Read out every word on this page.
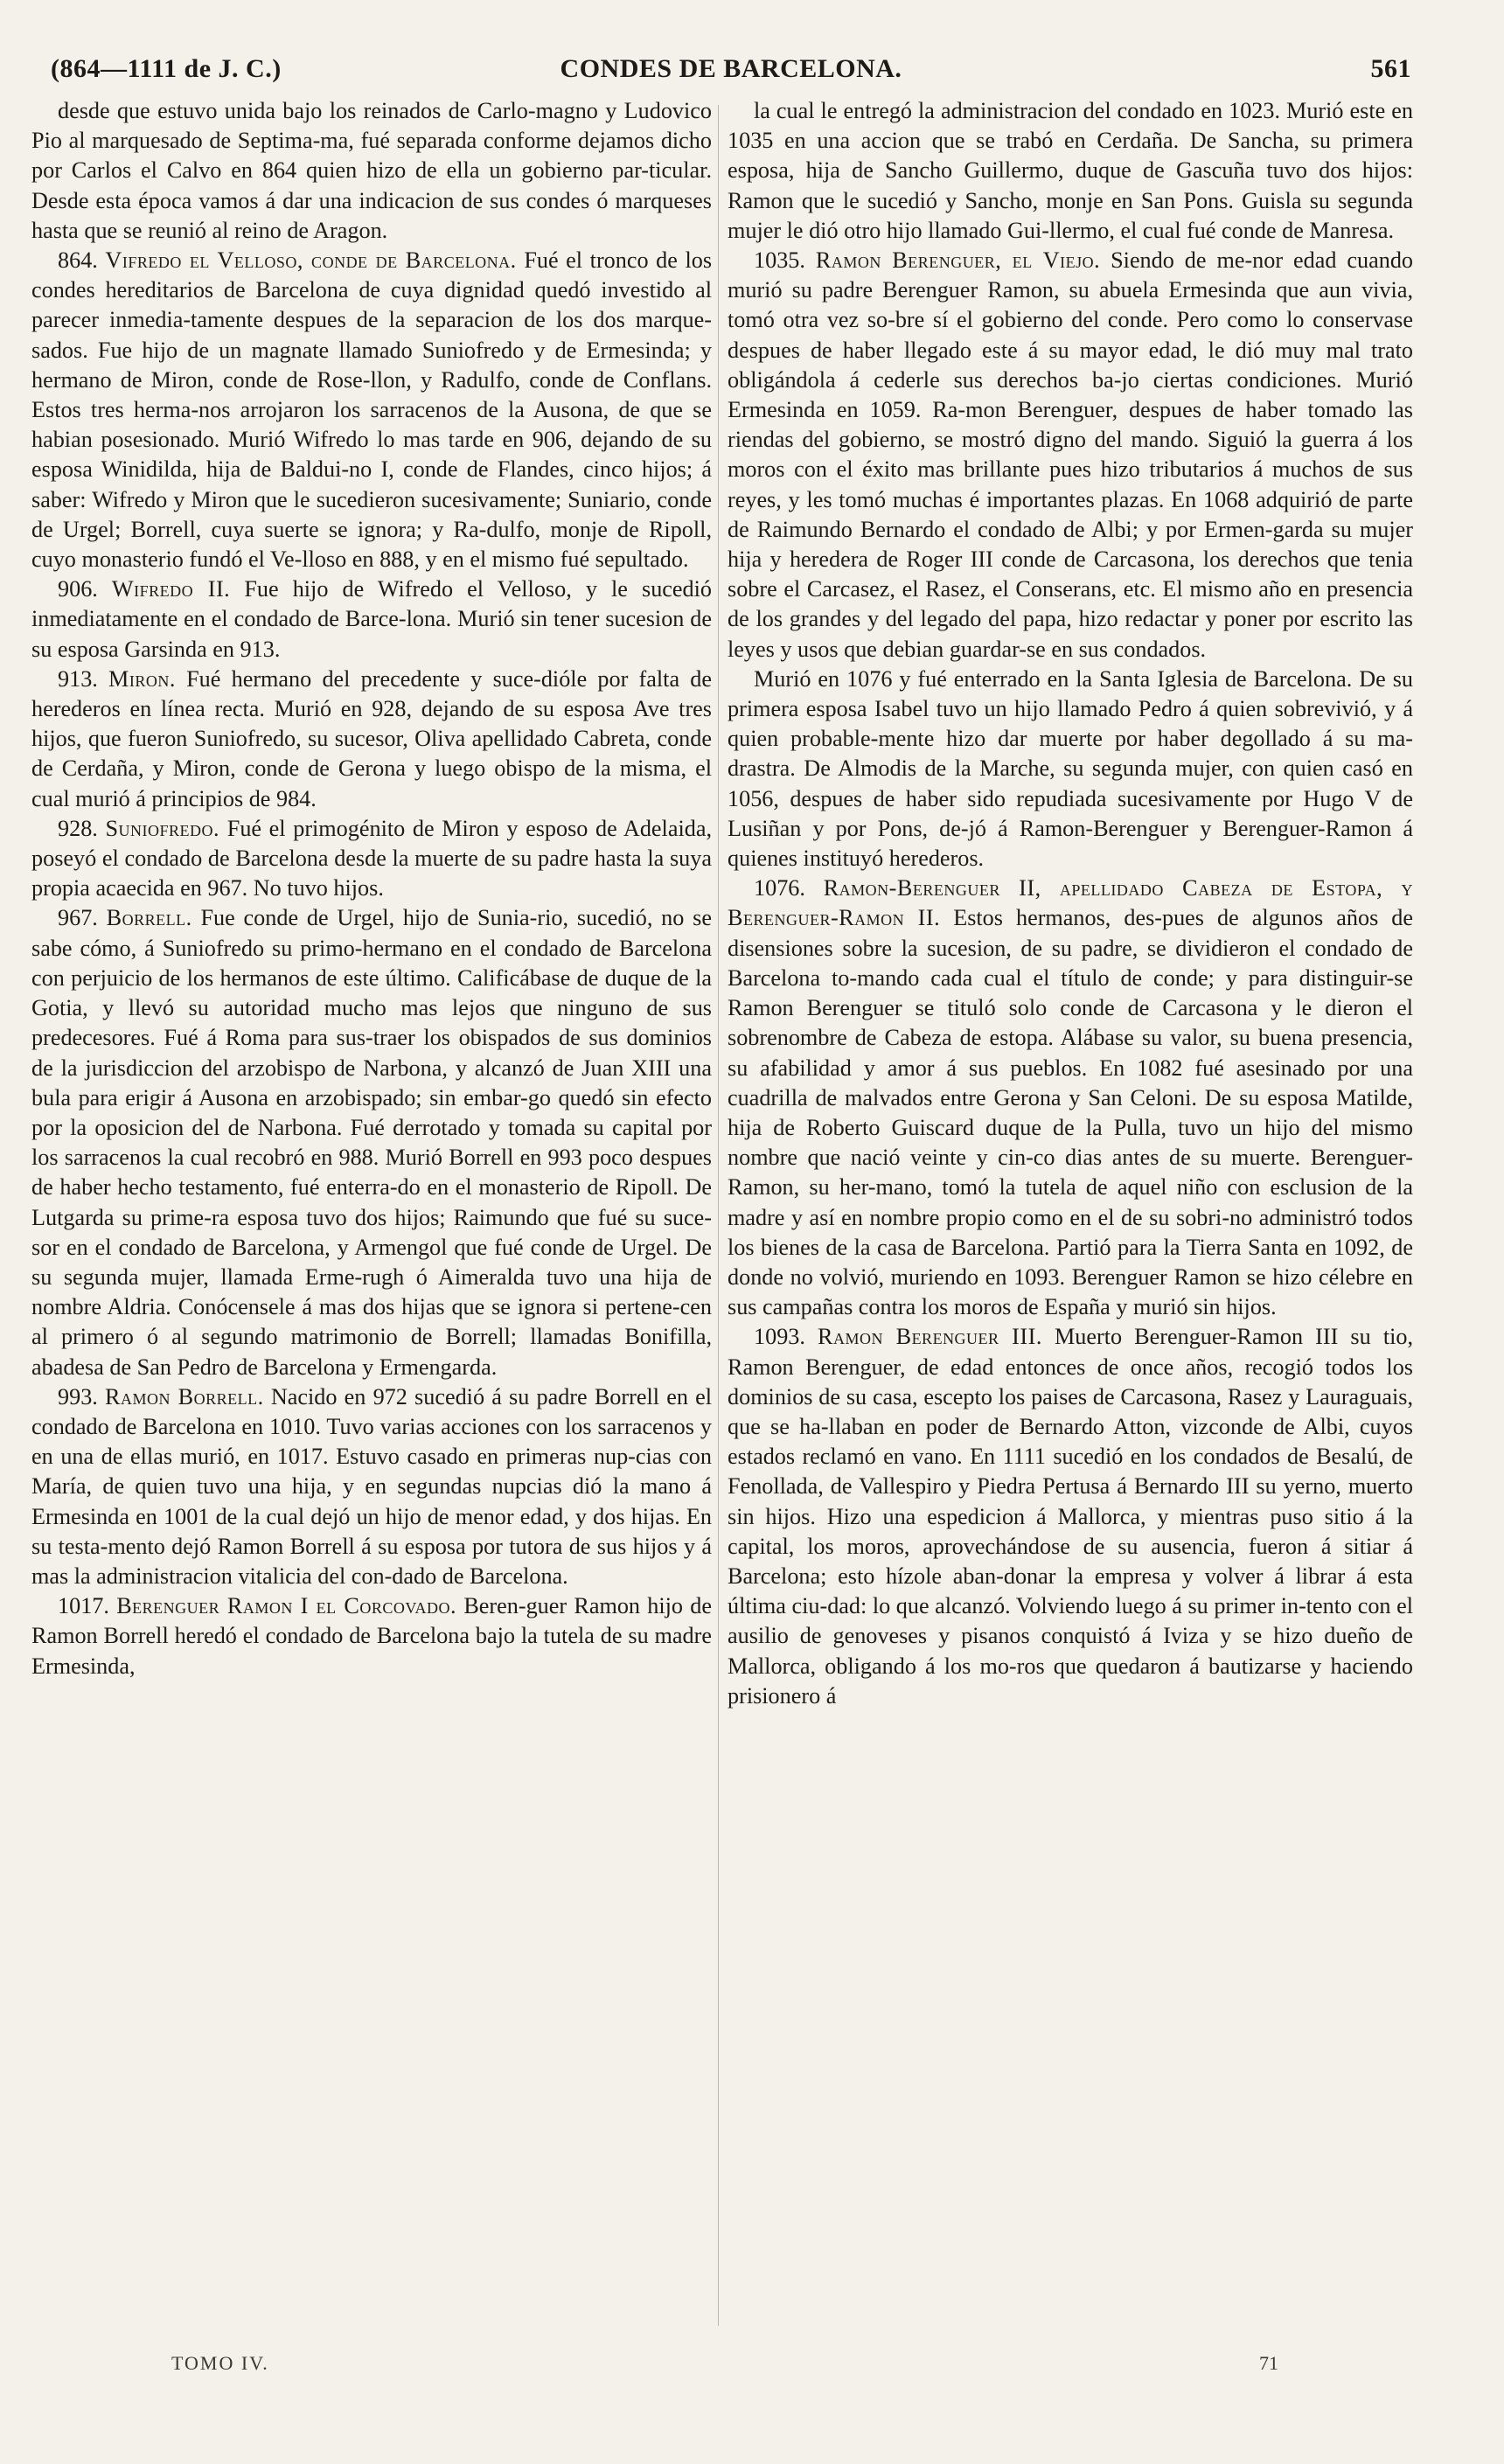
(864—1111 de J. C.)	CONDES DE BARCELONA.	561

desde que estuvo unida bajo los reinados de Carlo-magno y Ludovico Pio al marquesado de Septima-ma, fué separada conforme dejamos dicho por Carlos el Calvo en 864 quien hizo de ella un gobierno par-ticular. Desde esta época vamos á dar una indicacion de sus condes ó marqueses hasta que se reunió al reino de Aragon.

864. Vifredo el Velloso, conde de Barcelona. Fué el tronco de los condes hereditarios de Barcelona de cuya dignidad quedó investido al parecer inmedia-tamente despues de la separacion de los dos marque-sados. Fue hijo de un magnate llamado Suniofredo y de Ermesinda; y hermano de Miron, conde de Rose-llon, y Radulfo, conde de Conflans. Estos tres herma-nos arrojaron los sarracenos de la Ausona, de que se habian posesionado. Murió Wifredo lo mas tarde en 906, dejando de su esposa Winidilda, hija de Baldui-no I, conde de Flandes, cinco hijos; á saber: Wifredo y Miron que le sucedieron sucesivamente; Suniario, conde de Urgel; Borrell, cuya suerte se ignora; y Ra-dulfo, monje de Ripoll, cuyo monasterio fundó el Ve-lloso en 888, y en el mismo fué sepultado.

906. Wifredo II. Fue hijo de Wifredo el Velloso, y le sucedió inmediatamente en el condado de Barce-lona. Murió sin tener sucesion de su esposa Garsinda en 913.

913. Miron. Fué hermano del precedente y suce-dióle por falta de herederos en línea recta. Murió en 928, dejando de su esposa Ave tres hijos, que fueron Suniofredo, su sucesor, Oliva apellidado Cabreta, conde de Cerdaña, y Miron, conde de Gerona y luego obispo de la misma, el cual murió á principios de 984.

928. Suniofredo. Fué el primogénito de Miron y esposo de Adelaida, poseyó el condado de Barcelona desde la muerte de su padre hasta la suya propia acaecida en 967. No tuvo hijos.

967. Borrell. Fue conde de Urgel, hijo de Sunia-rio, sucedió, no se sabe cómo, á Suniofredo su primo-hermano en el condado de Barcelona con perjuicio de los hermanos de este último. Calificábase de duque de la Gotia, y llevó su autoridad mucho mas lejos que ninguno de sus predecesores. Fué á Roma para sus-traer los obispados de sus dominios de la jurisdiccion del arzobispo de Narbona, y alcanzó de Juan XIII una bula para erigir á Ausona en arzobispado; sin embar-go quedó sin efecto por la oposicion del de Narbona. Fué derrotado y tomada su capital por los sarracenos la cual recobró en 988. Murió Borrell en 993 poco despues de haber hecho testamento, fué enterra-do en el monasterio de Ripoll. De Lutgarda su prime-ra esposa tuvo dos hijos; Raimundo que fué su suce-sor en el condado de Barcelona, y Armengol que fué conde de Urgel. De su segunda mujer, llamada Erme-rugh ó Aimeralda tuvo una hija de nombre Aldria. Conócensele á mas dos hijas que se ignora si pertene-cen al primero ó al segundo matrimonio de Borrell; llamadas Bonifilla, abadesa de San Pedro de Barcelona y Ermengarda.

993. Ramon Borrell. Nacido en 972 sucedió á su padre Borrell en el condado de Barcelona en 1010. Tuvo varias acciones con los sarracenos y en una de ellas murió, en 1017. Estuvo casado en primeras nup-cias con María, de quien tuvo una hija, y en segundas nupcias dió la mano á Ermesinda en 1001 de la cual dejó un hijo de menor edad, y dos hijas. En su testa-mento dejó Ramon Borrell á su esposa por tutora de sus hijos y á mas la administracion vitalicia del con-dado de Barcelona.

1017. Berenguer Ramon I el Corcovado. Beren-guer Ramon hijo de Ramon Borrell heredó el condado de Barcelona bajo la tutela de su madre Ermesinda,

la cual le entregó la administracion del condado en 1023. Murió este en 1035 en una accion que se trabó en Cerdaña. De Sancha, su primera esposa, hija de Sancho Guillermo, duque de Gascuña tuvo dos hijos: Ramon que le sucedió y Sancho, monje en San Pons. Guisla su segunda mujer le dió otro hijo llamado Gui-llermo, el cual fué conde de Manresa.

1035. Ramon Berenguer, el Viejo. Siendo de me-nor edad cuando murió su padre Berenguer Ramon, su abuela Ermesinda que aun vivia, tomó otra vez so-bre sí el gobierno del conde. Pero como lo conservase despues de haber llegado este á su mayor edad, le dió muy mal trato obligándola á cederle sus derechos ba-jo ciertas condiciones. Murió Ermesinda en 1059. Ra-mon Berenguer, despues de haber tomado las riendas del gobierno, se mostró digno del mando. Siguió la guerra á los moros con el éxito mas brillante pues hizo tributarios á muchos de sus reyes, y les tomó muchas é importantes plazas. En 1068 adquirió de parte de Raimundo Bernardo el condado de Albi; y por Ermen-garda su mujer hija y heredera de Roger III conde de Carcasona, los derechos que tenia sobre el Carcasez, el Rasez, el Conserans, etc. El mismo año en presencia de los grandes y del legado del papa, hizo redactar y poner por escrito las leyes y usos que debian guardar-se en sus condados.

Murió en 1076 y fué enterrado en la Santa Iglesia de Barcelona. De su primera esposa Isabel tuvo un hijo llamado Pedro á quien sobrevivió, y á quien probable-mente hizo dar muerte por haber degollado á su ma-drastra. De Almodis de la Marche, su segunda mujer, con quien casó en 1056, despues de haber sido repudiada sucesivamente por Hugo V de Lusiñan y por Pons, de-jó á Ramon-Berenguer y Berenguer-Ramon á quienes instituyó herederos.

1076. Ramon-Berenguer II, apellidado Cabeza de Estopa, y Berenguer-Ramon II. Estos hermanos, des-pues de algunos años de disensiones sobre la sucesion, de su padre, se dividieron el condado de Barcelona to-mando cada cual el título de conde; y para distinguir-se Ramon Berenguer se tituló solo conde de Carcasona y le dieron el sobrenombre de Cabeza de estopa. Alábase su valor, su buena presencia, su afabilidad y amor á sus pueblos. En 1082 fué asesinado por una cuadrilla de malvados entre Gerona y San Celoni. De su esposa Matilde, hija de Roberto Guiscard duque de la Pulla, tuvo un hijo del mismo nombre que nació veinte y cin-co dias antes de su muerte. Berenguer-Ramon, su her-mano, tomó la tutela de aquel niño con esclusion de la madre y así en nombre propio como en el de su sobri-no administró todos los bienes de la casa de Barcelona. Partió para la Tierra Santa en 1092, de donde no volvió, muriendo en 1093. Berenguer Ramon se hizo célebre en sus campañas contra los moros de España y murió sin hijos.

1093. Ramon Berenguer III. Muerto Berenguer-Ramon III su tio, Ramon Berenguer, de edad entonces de once años, recogió todos los dominios de su casa, escepto los paises de Carcasona, Rasez y Lauraguais, que se ha-llaban en poder de Bernardo Atton, vizconde de Albi, cuyos estados reclamó en vano. En 1111 sucedió en los condados de Besalú, de Fenollada, de Vallespiro y Piedra Pertusa á Bernardo III su yerno, muerto sin hijos. Hizo una espedicion á Mallorca, y mientras puso sitio á la capital, los moros, aprovechándose de su ausencia, fueron á sitiar á Barcelona; esto hízole aban-donar la empresa y volver á librar á esta última ciu-dad: lo que alcanzó. Volviendo luego á su primer in-tento con el ausilio de genoveses y pisanos conquistó á Iviza y se hizo dueño de Mallorca, obligando á los mo-ros que quedaron á bautizarse y haciendo prisionero á

TOMO IV.	71
